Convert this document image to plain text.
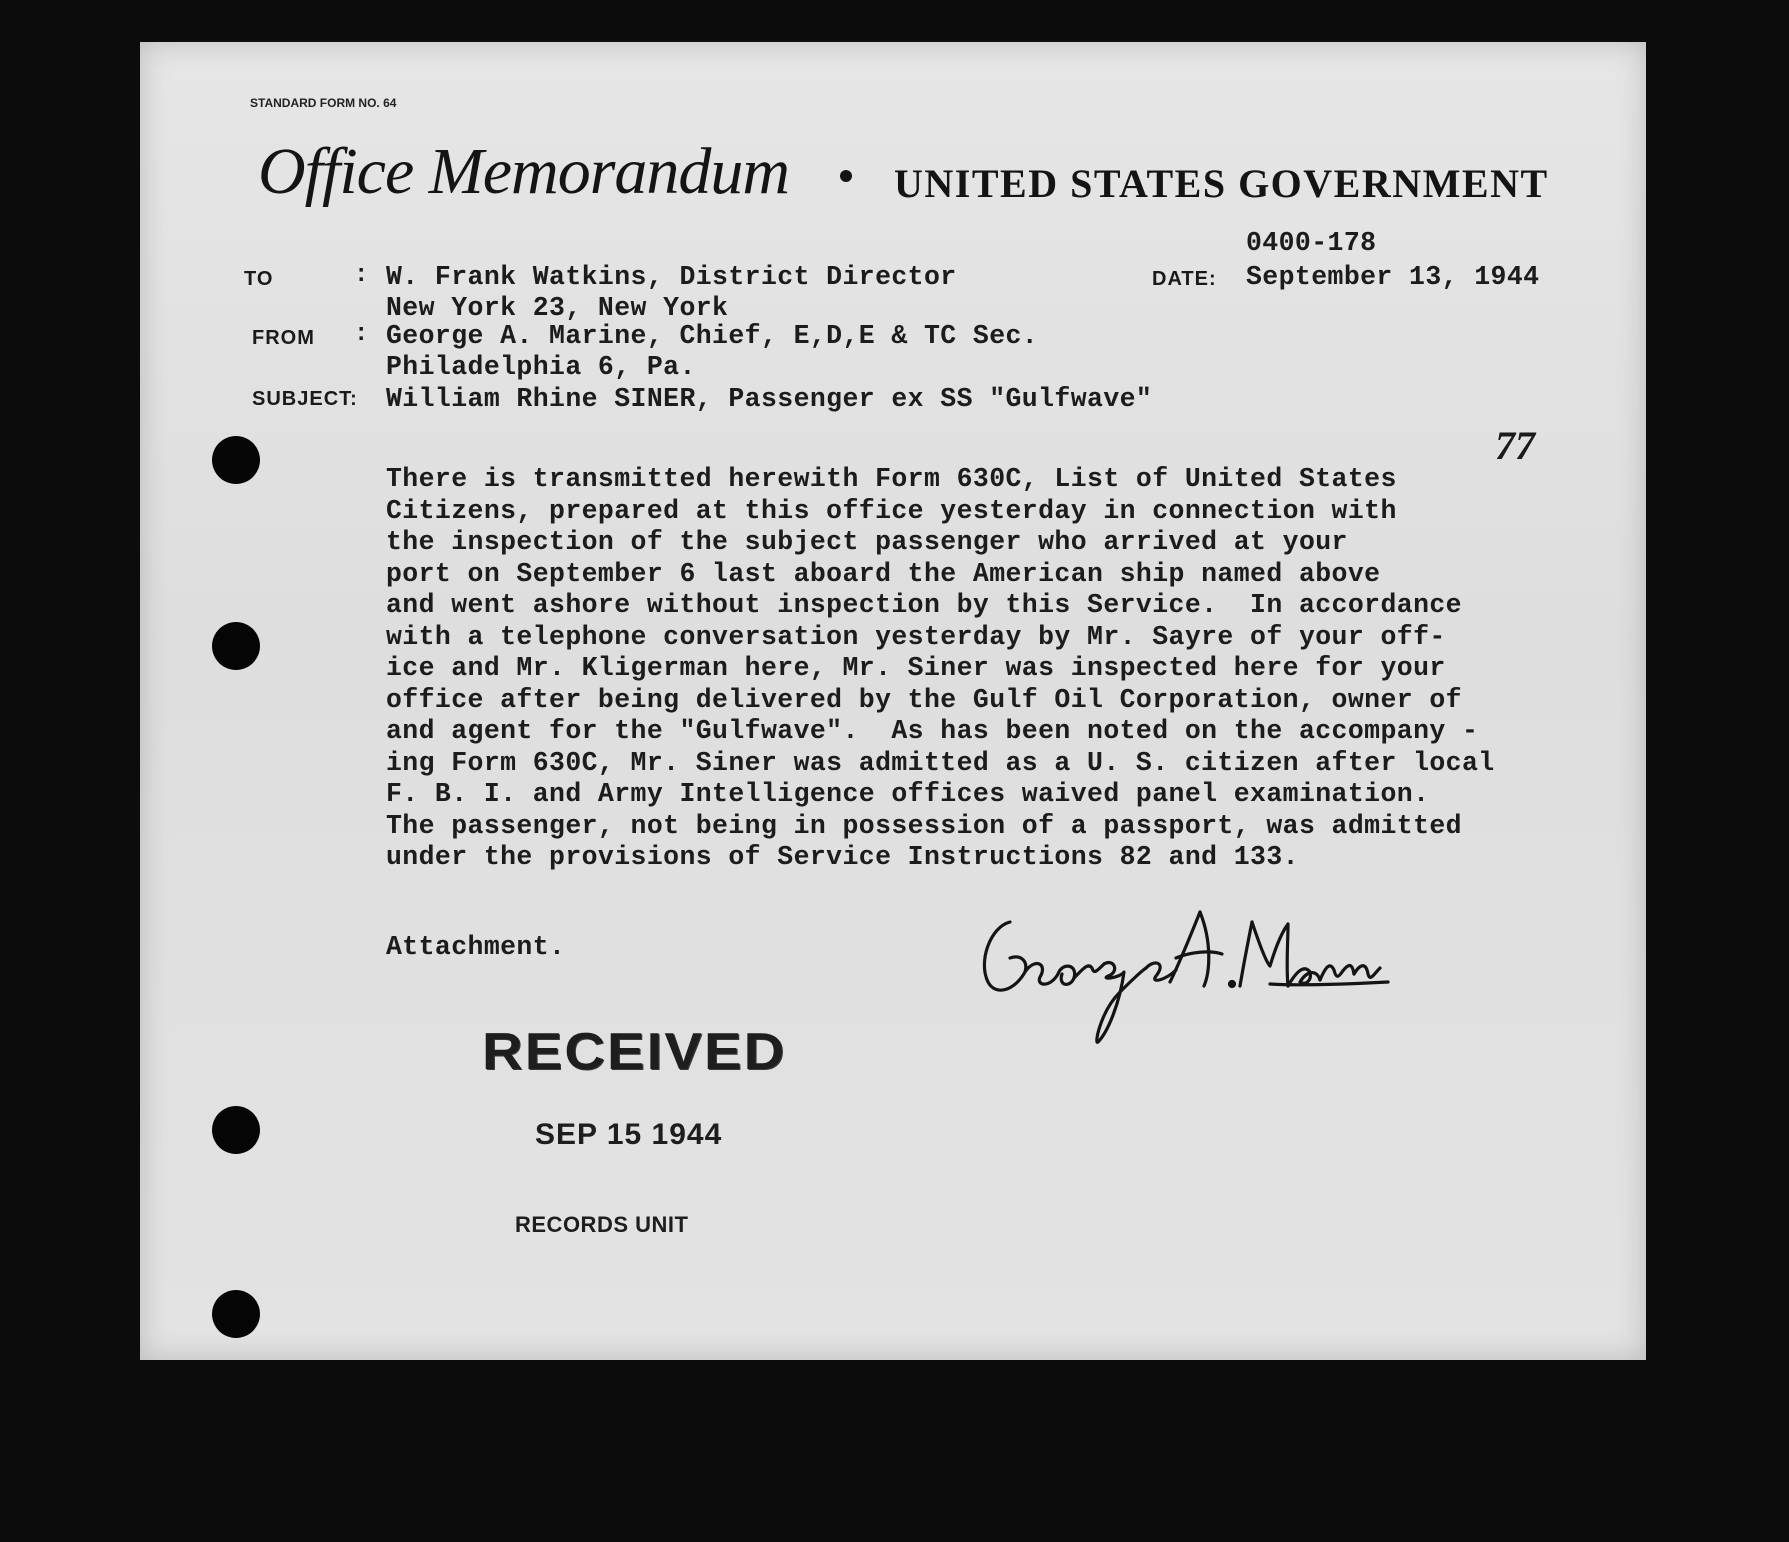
STANDARD FORM NO. 64
Office Memorandum	UNITED STATES GOVERNMENT
0400-178
TO	: W. Frank Watkins, District Director
New York 23, New York
DATE: September 13, 1944
FROM : George A. Marine, Chief, E,D,E & TC Sec.
Philadelphia 6, Pa.
SUBJECT: William Rhine SINER, Passenger ex SS "Gulfwave"
77
There is transmitted herewith Form 630C, List of United States
Citizens, prepared at this office yesterday in connection with
the inspection of the subject passenger who arrived at your
port on September 6 last aboard the American ship named above
and went ashore without inspection by this Service.  In accordance
with a telephone conversation yesterday by Mr. Sayre of your off-
ice and Mr. Kligerman here, Mr. Siner was inspected here for your
office after being delivered by the Gulf Oil Corporation, owner of
and agent for the "Gulfwave".  As has been noted on the accompany -
ing Form 630C, Mr. Siner was admitted as a U. S. citizen after local
F. B. I. and Army Intelligence offices waived panel examination.
The passenger, not being in possession of a passport, was admitted
under the provisions of Service Instructions 82 and 133.
Attachment.
RECEIVED
SEP 15 1944
RECORDS UNIT
